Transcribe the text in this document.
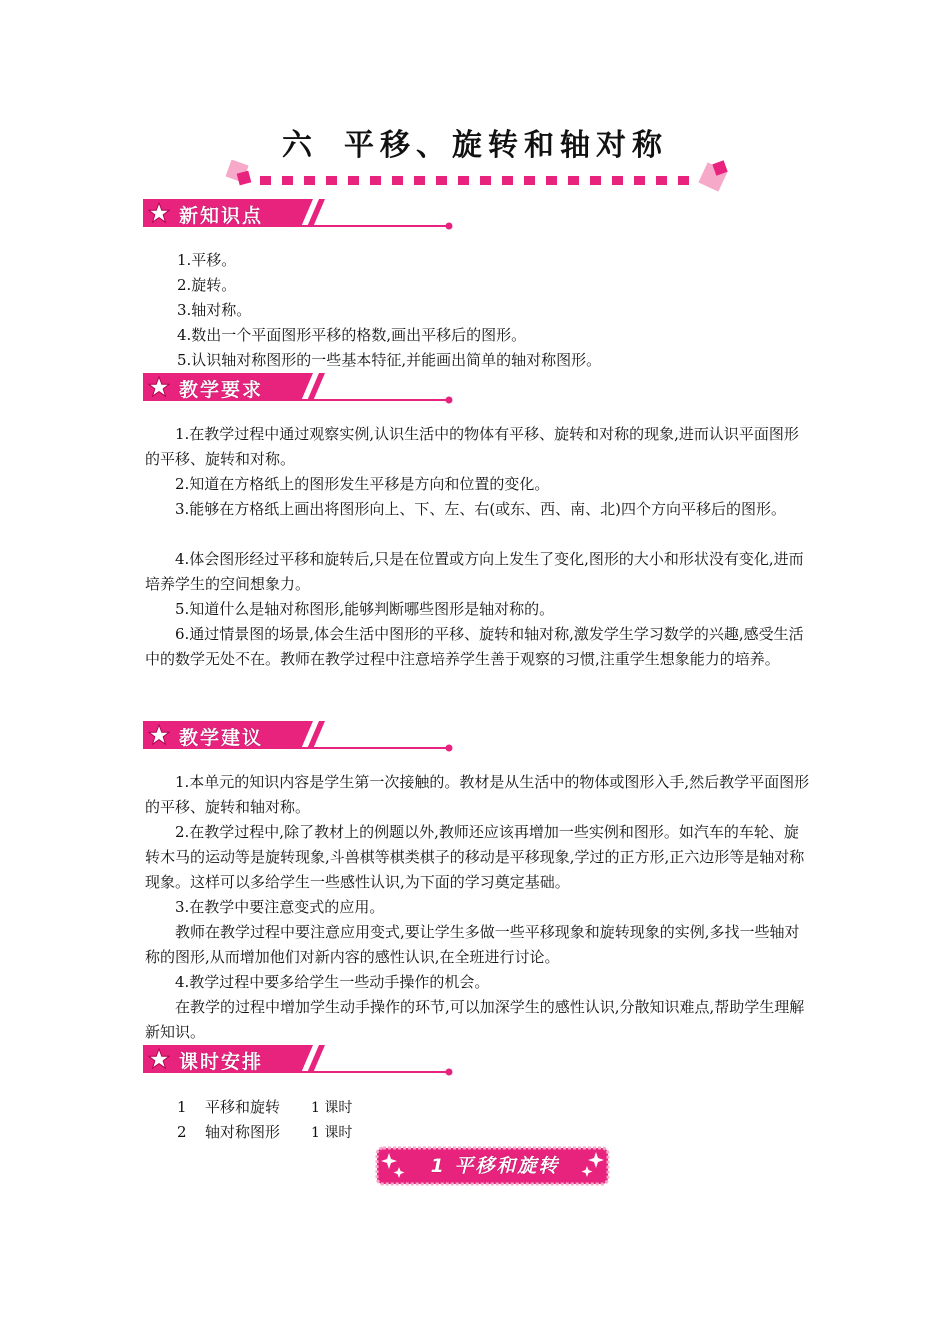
六 平移、旋转和轴对称
新知识点

1.平移。

2.旋转。

3.轴对称。

4.数出一个平面图形平移的格数,画出平移后的图形。

5.认识轴对称图形的一些基本特征,并能画出简单的轴对称图形。

教学要求

1.在教学过程中通过观察实例,认识生活中的物体有平移、旋转和对称的现象,进而认识平面图形的平移、旋转和对称。

2.知道在方格纸上的图形发生平移是方向和位置的变化。

3.能够在方格纸上画出将图形向上、下、左、右(或东、西、南、北)四个方向平移后的图形。

4.体会图形经过平移和旋转后,只是在位置或方向上发生了变化,图形的大小和形状没有变化,进而培养学生的空间想象力。

5.知道什么是轴对称图形,能够判断哪些图形是轴对称的。

6.通过情景图的场景,体会生活中图形的平移、旋转和轴对称,激发学生学习数学的兴趣,感受生活中的数学无处不在。教师在教学过程中注意培养学生善于观察的习惯,注重学生想象能力的培养。

教学建议

1.本单元的知识内容是学生第一次接触的。教材是从生活中的物体或图形入手,然后教学平面图形的平移、旋转和轴对称。

2.在教学过程中,除了教材上的例题以外,教师还应该再增加一些实例和图形。如汽车的车轮、旋转木马的运动等是旋转现象,斗兽棋等棋类棋子的移动是平移现象,学过的正方形,正六边形等是轴对称现象。这样可以多给学生一些感性认识,为下面的学习奠定基础。

3.在教学中要注意变式的应用。

教师在教学过程中要注意应用变式,要让学生多做一些平移现象和旋转现象的实例,多找一些轴对称的图形,从而增加他们对新内容的感性认识,在全班进行讨论。

4.教学过程中要多给学生一些动手操作的机会。

在教学的过程中增加学生动手操作的环节,可以加深学生的感性认识,分散知识难点,帮助学生理解新知识。

课时安排
1 平移和旋转 1 课时
2 轴对称图形 1 课时
1 平移和旋转
